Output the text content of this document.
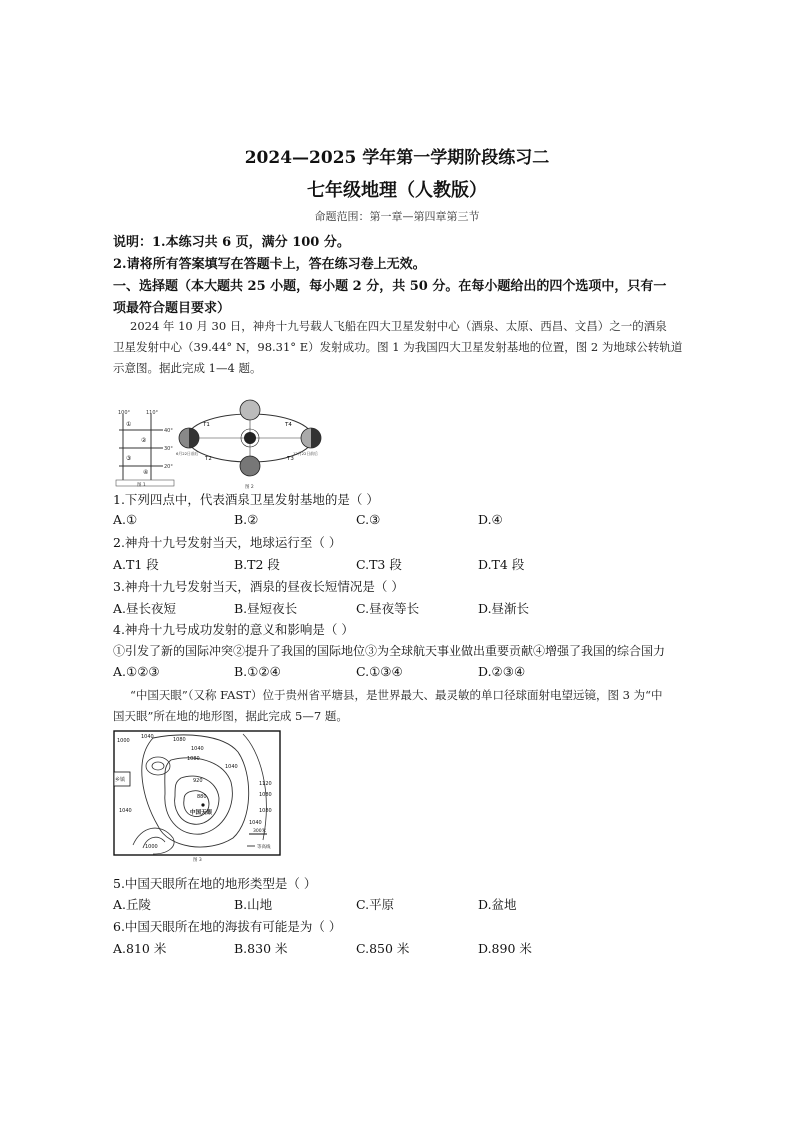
2024—2025 学年第一学期阶段练习二
七年级地理（人教版）
命题范围：第一章—第四章第三节
说明：1.本练习共 6 页，满分 100 分。
2.请将所有答案填写在答题卡上，答在练习卷上无效。
一、选择题（本大题共 25 小题，每小题 2 分，共 50 分。在每小题给出的四个选项中，只有一
项最符合题目要求）
2024 年 10 月 30 日，神舟十九号载人飞船在四大卫星发射中心（酒泉、太原、西昌、文昌）之一的酒泉
卫星发射中心（39.44° N，98.31° E）发射成功。图 1 为我国四大卫星发射基地的位置，图 2 为地球公转轨道
示意图。据此完成 1—4 题。
100°	110°
40°
30°
20°
①
②
③
④
图 1
T1
T2	T3
T4
6月22日前后	12月22日前后
图 2
1.下列四点中，代表酒泉卫星发射基地的是（ ）
A.①	B.②	C.③	D.④
2.神舟十九号发射当天，地球运行至（ ）
A.T1 段	B.T2 段	C.T3 段	D.T4 段
3.神舟十九号发射当天，酒泉的昼夜长短情况是（ ）
A.昼长夜短	B.昼短夜长	C.昼夜等长	D.昼渐长
4.神舟十九号成功发射的意义和影响是（ ）
①引发了新的国际冲突②提升了我国的国际地位③为全球航天事业做出重要贡献④增强了我国的综合国力
A.①②③	B.①②④	C.①③④	D.②③④
“中国天眼”（又称 FAST）位于贵州省平塘县，是世界最大、最灵敏的单口径球面射电望远镜，图 3 为“中
国天眼”所在地的地形图，据此完成 5—7 题。
乡镇
中国天眼
1000
1040	1080
1040
1040
1080
920	1120
1080
880
1040	1080
1040
1000
300米
等高线
图 3
5.中国天眼所在地的地形类型是（ ）
A.丘陵	B.山地	C.平原	D.盆地
6.中国天眼所在地的海拔有可能是为（ ）
A.810 米	B.830 米	C.850 米	D.890 米
